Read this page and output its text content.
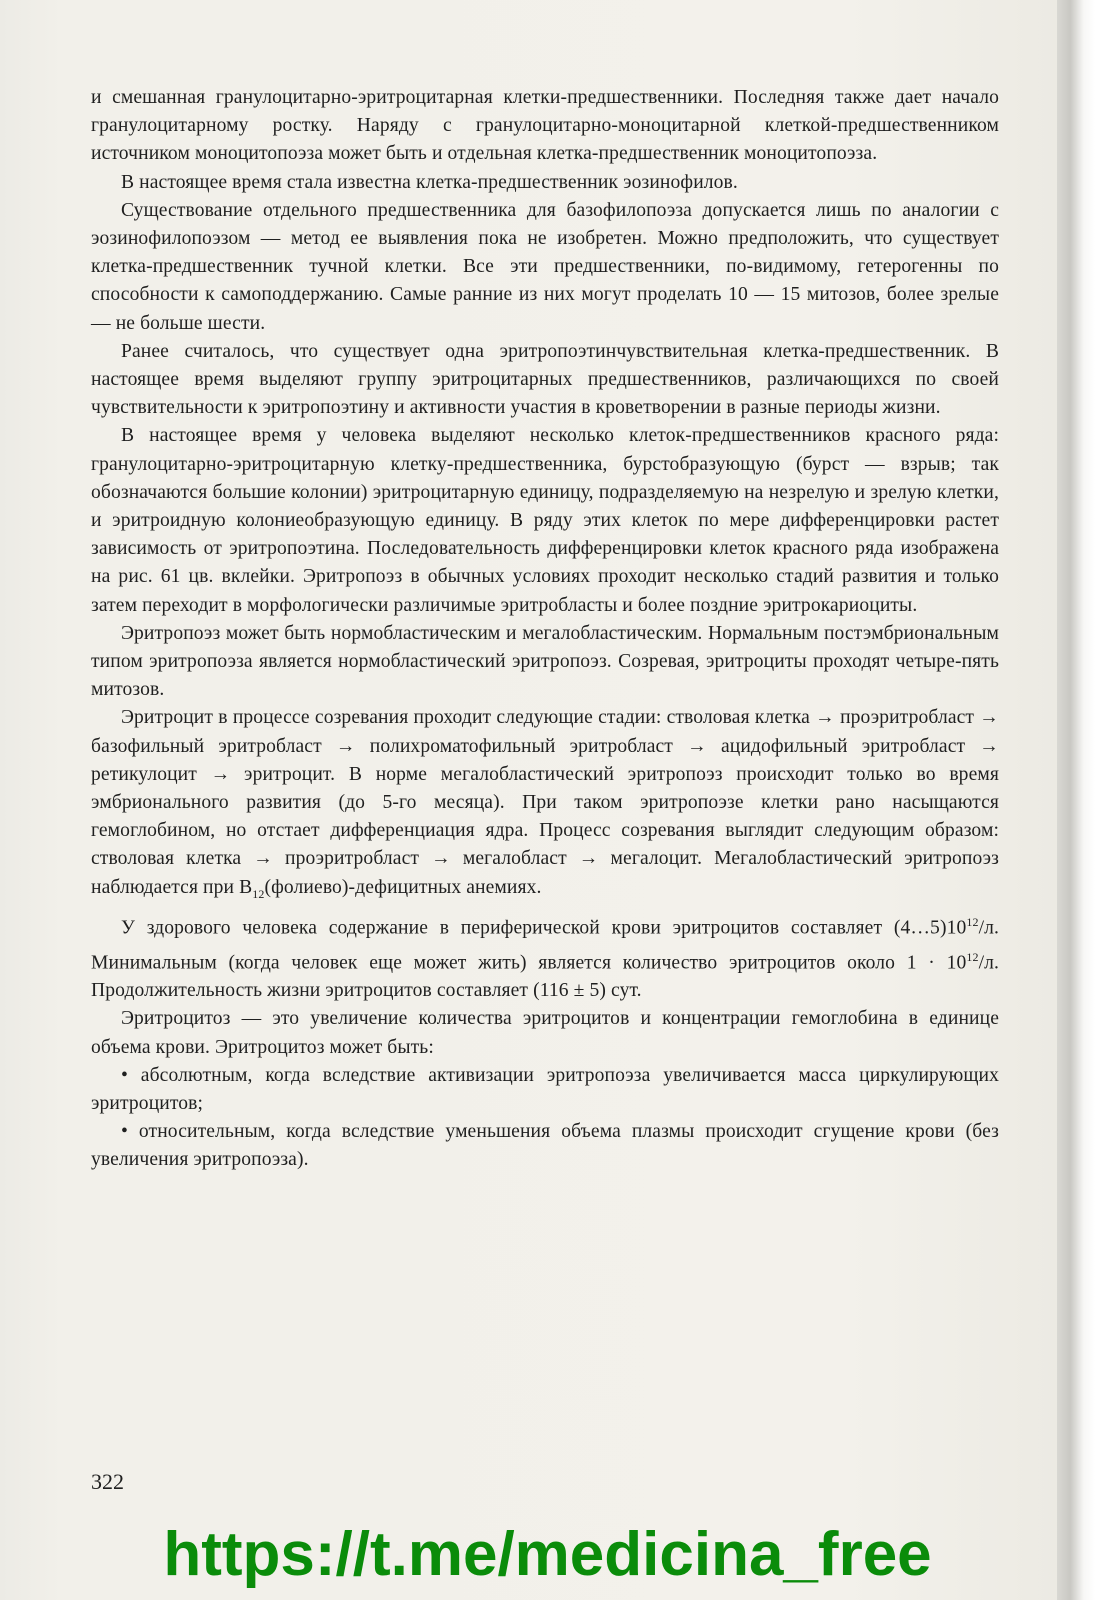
и смешанная гранулоцитарно-эритроцитарная клетки-предшественники. Последняя также дает начало гранулоцитарному ростку. Наряду с гранулоцитарно-моноцитарной клеткой-предшественником источником моноцитопоэза может быть и отдельная клетка-предшественник моноцитопоэза.

В настоящее время стала известна клетка-предшественник эозинофилов.

Существование отдельного предшественника для базофилопоэза допускается лишь по аналогии с эозинофилопоэзом — метод ее выявления пока не изобретен. Можно предположить, что существует клетка-предшественник тучной клетки. Все эти предшественники, по-видимому, гетерогенны по способности к самоподдержанию. Самые ранние из них могут проделать 10 — 15 митозов, более зрелые — не больше шести.

Ранее считалось, что существует одна эритропоэтинчувствительная клетка-предшественник. В настоящее время выделяют группу эритроцитарных предшественников, различающихся по своей чувствительности к эритропоэтину и активности участия в кроветворении в разные периоды жизни.

В настоящее время у человека выделяют несколько клеток-предшественников красного ряда: гранулоцитарно-эритроцитарную клетку-предшественника, бурстобразующую (бурст — взрыв; так обозначаются большие колонии) эритроцитарную единицу, подразделяемую на незрелую и зрелую клетки, и эритроидную колониеобразующую единицу. В ряду этих клеток по мере дифференцировки растет зависимость от эритропоэтина. Последовательность дифференцировки клеток красного ряда изображена на рис. 61 цв. вклейки. Эритропоэз в обычных условиях проходит несколько стадий развития и только затем переходит в морфологически различимые эритробласты и более поздние эритрокариоциты.

Эритропоэз может быть нормобластическим и мегалобластическим. Нормальным постэмбриональным типом эритропоэза является нормобластический эритропоэз. Созревая, эритроциты проходят четыре-пять митозов.

Эритроцит в процессе созревания проходит следующие стадии: стволовая клетка → проэритробласт → базофильный эритробласт → полихроматофильный эритробласт → ацидофильный эритробласт → ретикулоцит → эритроцит. В норме мегалобластический эритропоэз происходит только во время эмбрионального развития (до 5-го месяца). При таком эритропоэзе клетки рано насыщаются гемоглобином, но отстает дифференциация ядра. Процесс созревания выглядит следующим образом: стволовая клетка → проэритробласт → мегалобласт → мегалоцит. Мегалобластический эритропоэз наблюдается при $B_{12}(фолиево)$-дефицитных анемиях.

У здорового человека содержание в периферической крови эритроцитов составляет $(4\dots 5)10^{12}/л$. Минимальным (когда человек еще может жить) является количество эритроцитов около $1 \cdot 10^{12}/л$. Продолжительность жизни эритроцитов составляет (116 ± 5) сут.

Эритроцитоз — это увеличение количества эритроцитов и концентрации гемоглобина в единице объема крови. Эритроцитоз может быть:

• абсолютным, когда вследствие активизации эритропоэза увеличивается масса циркулирующих эритроцитов;

• относительным, когда вследствие уменьшения объема плазмы происходит сгущение крови (без увеличения эритропоэза).

322
https://t.me/medicina_free
